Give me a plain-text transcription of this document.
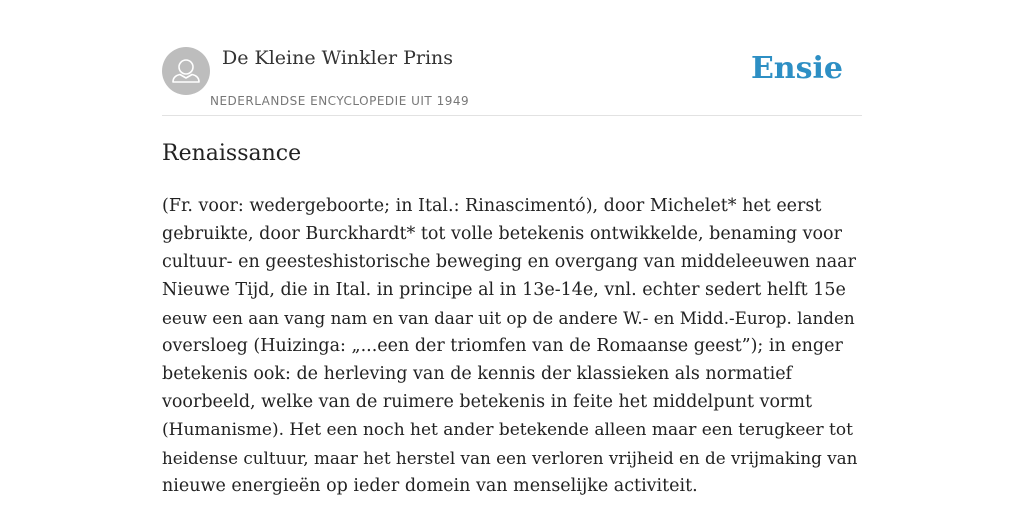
De Kleine Winkler Prins
NEDERLANDSE ENCYCLOPEDIE UIT 1949
Ensie
Renaissance

(Fr. voor: wedergeboorte; in Ital.: Rinascimentó), door Michelet* het eerst
gebruikte, door Burckhardt* tot volle betekenis ontwikkelde, benaming voor
cultuur- en geesteshistorische beweging en overgang van middeleeuwen naar
Nieuwe Tijd, die in Ital. in principe al in 13e-14e, vnl. echter sedert helft 15e
eeuw een aan vang nam en van daar uit op de andere W.- en Midd.-Europ. landen
oversloeg (Huizinga: „...een der triomfen van de Romaanse geest”); in enger
betekenis ook: de herleving van de kennis der klassieken als normatief
voorbeeld, welke van de ruimere betekenis in feite het middelpunt vormt
(Humanisme). Het een noch het ander betekende alleen maar een terugkeer tot
heidense cultuur, maar het herstel van een verloren vrijheid en de vrijmaking van
nieuwe energieën op ieder domein van menselijke activiteit.
